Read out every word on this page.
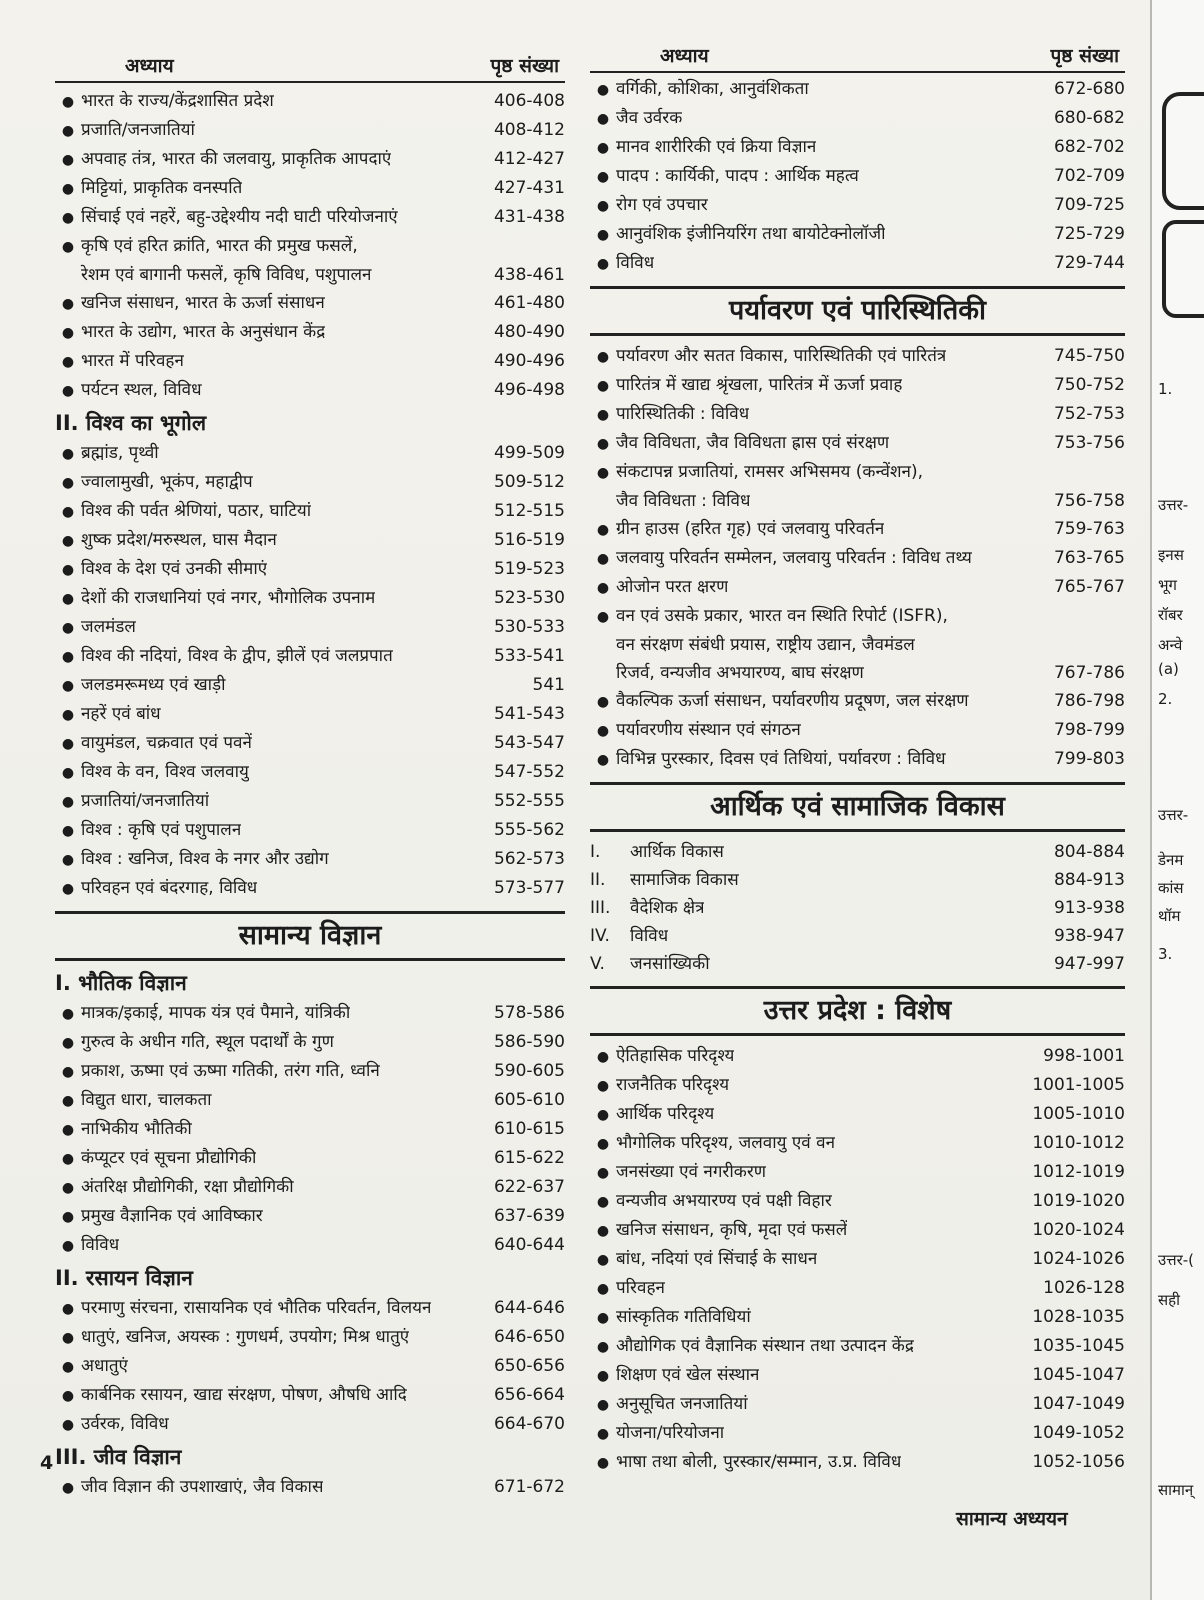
अध्याय	पृष्ठ संख्या
● भारत के राज्य/केंद्रशासित प्रदेश	406-408
● प्रजाति/जनजातियां	408-412
● अपवाह तंत्र, भारत की जलवायु, प्राकृतिक आपदाएं	412-427
● मिट्टियां, प्राकृतिक वनस्पति	427-431
● सिंचाई एवं नहरें, बहु-उद्देश्यीय नदी घाटी परियोजनाएं	431-438
● कृषि एवं हरित क्रांति, भारत की प्रमुख फसलें,
रेशम एवं बागानी फसलें, कृषि विविध, पशुपालन	438-461
● खनिज संसाधन, भारत के ऊर्जा संसाधन	461-480
● भारत के उद्योग, भारत के अनुसंधान केंद्र	480-490
● भारत में परिवहन	490-496
● पर्यटन स्थल, विविध	496-498
II. विश्व का भूगोल
● ब्रह्मांड, पृथ्वी	499-509
● ज्वालामुखी, भूकंप, महाद्वीप	509-512
● विश्व की पर्वत श्रेणियां, पठार, घाटियां	512-515
● शुष्क प्रदेश/मरुस्थल, घास मैदान	516-519
● विश्व के देश एवं उनकी सीमाएं	519-523
● देशों की राजधानियां एवं नगर, भौगोलिक उपनाम	523-530
● जलमंडल	530-533
● विश्व की नदियां, विश्व के द्वीप, झीलें एवं जलप्रपात	533-541
● जलडमरूमध्य एवं खाड़ी	541
● नहरें एवं बांध	541-543
● वायुमंडल, चक्रवात एवं पवनें	543-547
● विश्व के वन, विश्व जलवायु	547-552
● प्रजातियां/जनजातियां	552-555
● विश्व : कृषि एवं पशुपालन	555-562
● विश्व : खनिज, विश्व के नगर और उद्योग	562-573
● परिवहन एवं बंदरगाह, विविध	573-577
सामान्य विज्ञान
I. भौतिक विज्ञान
● मात्रक/इकाई, मापक यंत्र एवं पैमाने, यांत्रिकी	578-586
● गुरुत्व के अधीन गति, स्थूल पदार्थों के गुण	586-590
● प्रकाश, ऊष्मा एवं ऊष्मा गतिकी, तरंग गति, ध्वनि	590-605
● विद्युत धारा, चालकता	605-610
● नाभिकीय भौतिकी	610-615
● कंप्यूटर एवं सूचना प्रौद्योगिकी	615-622
● अंतरिक्ष प्रौद्योगिकी, रक्षा प्रौद्योगिकी	622-637
● प्रमुख वैज्ञानिक एवं आविष्कार	637-639
● विविध	640-644
II. रसायन विज्ञान
● परमाणु संरचना, रासायनिक एवं भौतिक परिवर्तन, विलयन	644-646
● धातुएं, खनिज, अयस्क : गुणधर्म, उपयोग; मिश्र धातुएं	646-650
● अधातुएं	650-656
● कार्बनिक रसायन, खाद्य संरक्षण, पोषण, औषधि आदि	656-664
● उर्वरक, विविध	664-670
III. जीव विज्ञान
● जीव विज्ञान की उपशाखाएं, जैव विकास	671-672
अध्याय	पृष्ठ संख्या
● वर्गिकी, कोशिका, आनुवंशिकता	672-680
● जैव उर्वरक	680-682
● मानव शारीरिकी एवं क्रिया विज्ञान	682-702
● पादप : कार्यिकी, पादप : आर्थिक महत्व	702-709
● रोग एवं उपचार	709-725
● आनुवंशिक इंजीनियरिंग तथा बायोटेक्नोलॉजी	725-729
● विविध	729-744
पर्यावरण एवं पारिस्थितिकी
● पर्यावरण और सतत विकास, पारिस्थितिकी एवं पारितंत्र	745-750
● पारितंत्र में खाद्य श्रृंखला, पारितंत्र में ऊर्जा प्रवाह	750-752
● पारिस्थितिकी : विविध	752-753
● जैव विविधता, जैव विविधता ह्रास एवं संरक्षण	753-756
● संकटापन्न प्रजातियां, रामसर अभिसमय (कन्वेंशन),
जैव विविधता : विविध	756-758
● ग्रीन हाउस (हरित गृह) एवं जलवायु परिवर्तन	759-763
● जलवायु परिवर्तन सम्मेलन, जलवायु परिवर्तन : विविध तथ्य	763-765
● ओजोन परत क्षरण	765-767
● वन एवं उसके प्रकार, भारत वन स्थिति रिपोर्ट (ISFR),
वन संरक्षण संबंधी प्रयास, राष्ट्रीय उद्यान, जैवमंडल
रिजर्व, वन्यजीव अभयारण्य, बाघ संरक्षण	767-786
● वैकल्पिक ऊर्जा संसाधन, पर्यावरणीय प्रदूषण, जल संरक्षण	786-798
● पर्यावरणीय संस्थान एवं संगठन	798-799
● विभिन्न पुरस्कार, दिवस एवं तिथियां, पर्यावरण : विविध	799-803
आर्थिक एवं सामाजिक विकास
I.	आर्थिक विकास	804-884
II.	सामाजिक विकास	884-913
III.	वैदेशिक क्षेत्र	913-938
IV.	विविध	938-947
V.	जनसांख्यिकी	947-997
उत्तर प्रदेश : विशेष
● ऐतिहासिक परिदृश्य	998-1001
● राजनैतिक परिदृश्य	1001-1005
● आर्थिक परिदृश्य	1005-1010
● भौगोलिक परिदृश्य, जलवायु एवं वन	1010-1012
● जनसंख्या एवं नगरीकरण	1012-1019
● वन्यजीव अभयारण्य एवं पक्षी विहार	1019-1020
● खनिज संसाधन, कृषि, मृदा एवं फसलें	1020-1024
● बांध, नदियां एवं सिंचाई के साधन	1024-1026
● परिवहन	1026-128
● सांस्कृतिक गतिविधियां	1028-1035
● औद्योगिक एवं वैज्ञानिक संस्थान तथा उत्पादन केंद्र	1035-1045
● शिक्षण एवं खेल संस्थान	1045-1047
● अनुसूचित जनजातियां	1047-1049
● योजना/परियोजना	1049-1052
● भाषा तथा बोली, पुरस्कार/सम्मान, उ.प्र. विविध	1052-1056
4
सामान्य अध्ययन
1.
उत्तर-
इनस
भूग
रॉबर
अन्वे
(a)
2.
उत्तर-
डेनम
कांस
थॉम
3.
उत्तर-(
सही
सामान्
